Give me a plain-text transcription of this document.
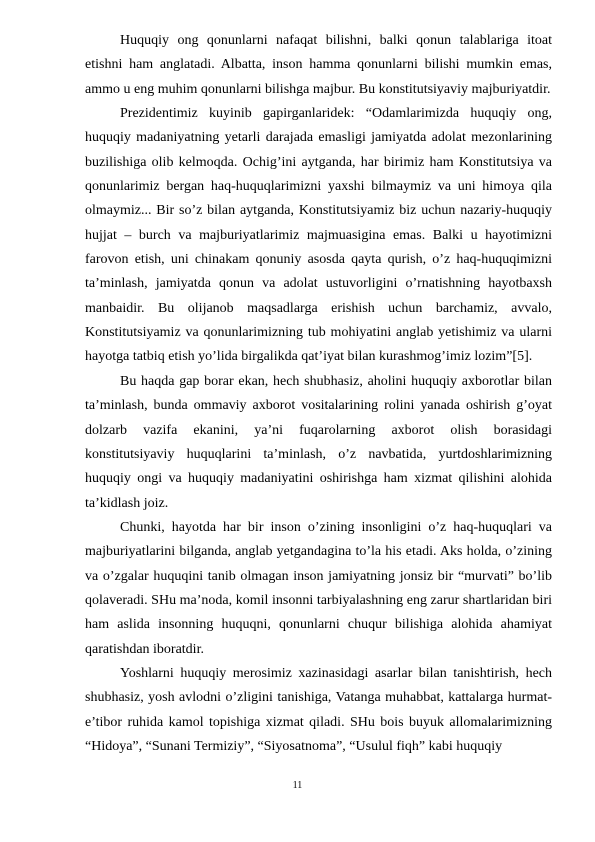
Huquqiy ong qonunlarni nafaqat bilishni, balki qonun talablariga itoat etishni ham anglatadi. Albatta, inson hamma qonunlarni bilishi mumkin emas, ammo u eng muhim qonunlarni bilishga majbur. Bu konstitutsiyaviy majburiyatdir.

Prezidentimiz kuyinib gapirganlaridek: “Odamlarimizda huquqiy ong, huquqiy madaniyatning yetarli darajada emasligi jamiyatda adolat mezonlarining buzilishiga olib kelmoqda. Ochig’ini aytganda, har birimiz ham Konstitutsiya va qonunlarimiz bergan haq-huquqlarimizni yaxshi bilmaymiz va uni himoya qila olmaymiz... Bir so’z bilan aytganda, Konstitutsiyamiz biz uchun nazariy-huquqiy hujjat – burch va majburiyatlarimiz majmuasigina emas. Balki u hayotimizni farovon etish, uni chinakam qonuniy asosda qayta qurish, o’z haq-huquqimizni ta’minlash, jamiyatda qonun va adolat ustuvorligini o’rnatishning hayotbaxsh manbaidir. Bu olijanob maqsadlarga erishish uchun barchamiz, avvalo, Konstitutsiyamiz va qonunlarimizning tub mohiyatini anglab yetishimiz va ularni hayotga tatbiq etish yo’lida birgalikda qat’iyat bilan kurashmog’imiz lozim”[5].

Bu haqda gap borar ekan, hech shubhasiz, aholini huquqiy axborotlar bilan ta’minlash, bunda ommaviy axborot vositalarining rolini yanada oshirish g’oyat dolzarb vazifa ekanini, ya’ni fuqarolarning axborot olish borasidagi konstitutsiyaviy huquqlarini ta’minlash, o’z navbatida, yurtdoshlarimizning huquqiy ongi va huquqiy madaniyatini oshirishga ham xizmat qilishini alohida ta’kidlash joiz.

Chunki, hayotda har bir inson o’zining insonligini o’z haq-huquqlari va majburiyatlarini bilganda, anglab yetgandagina to’la his etadi. Aks holda, o’zining va o’zgalar huquqini tanib olmagan inson jamiyatning jonsiz bir “murvati” bo’lib qolaveradi. SHu ma’noda, komil insonni tarbiyalashning eng zarur shartlaridan biri ham aslida insonning huquqni, qonunlarni chuqur bilishiga alohida ahamiyat qaratishdan iboratdir.

Yoshlarni huquqiy merosimiz xazinasidagi asarlar bilan tanishtirish, hech shubhasiz, yosh avlodni o’zligini tanishiga, Vatanga muhabbat, kattalarga hurmat-e’tibor ruhida kamol topishiga xizmat qiladi. SHu bois buyuk allomalarimizning “Hidoya”, “Sunani Termiziy”, “Siyosatnoma”, “Usulul fiqh” kabi huquqiy

11
